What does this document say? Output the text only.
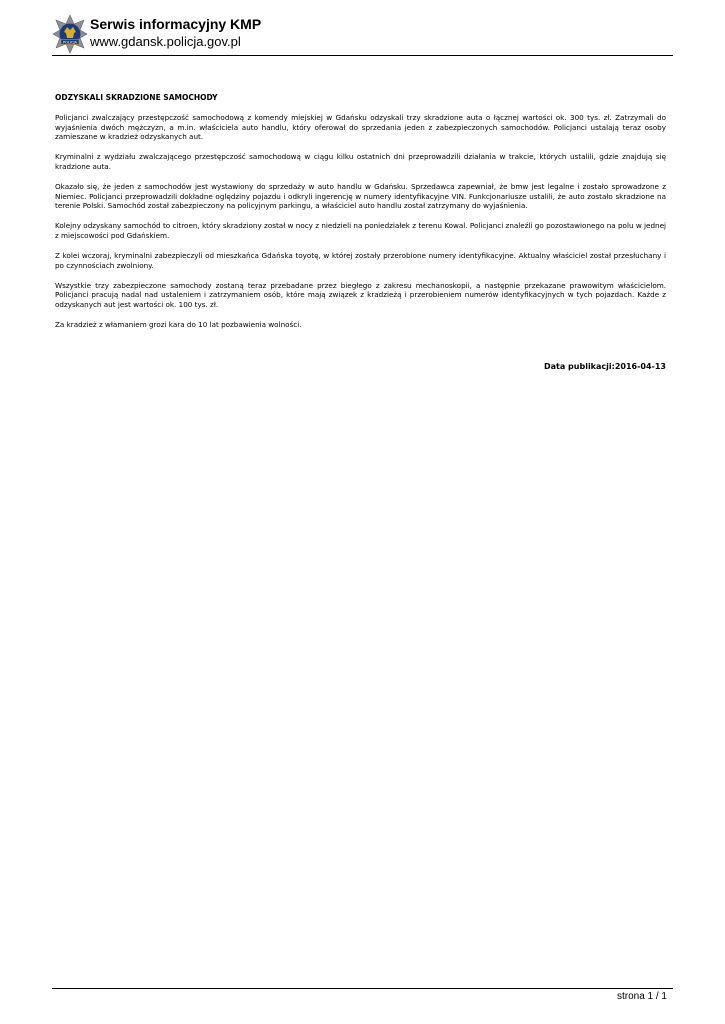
POLICJA
Serwis informacyjny KMP
www.gdansk.policja.gov.pl
ODZYSKALI SKRADZIONE SAMOCHODY

Policjanci zwalczający przestępczość samochodową z komendy miejskiej w Gdańsku odzyskali trzy skradzione auta o łącznej wartości ok. 300 tys. zł. Zatrzymali do wyjaśnienia dwóch mężczyzn, a m.in. właściciela auto handlu, który oferował do sprzedania jeden z zabezpieczonych samochodów. Policjanci ustalają teraz osoby zamieszane w kradzież odzyskanych aut.

Kryminalni z wydziału zwalczającego przestępczość samochodową w ciągu kilku ostatnich dni przeprowadzili działania w trakcie, których ustalili, gdzie znajdują się kradzione auta.

Okazało się, że jeden z samochodów jest wystawiony do sprzedaży w auto handlu w Gdańsku. Sprzedawca zapewniał, że bmw jest legalne i zostało sprowadzone z Niemiec. Policjanci przeprowadzili dokładne oględziny pojazdu i odkryli ingerencję w numery identyfikacyjne VIN. Funkcjonariusze ustalili, że auto zostało skradzione na terenie Polski. Samochód został zabezpieczony na policyjnym parkingu, a właściciel auto handlu został zatrzymany do wyjaśnienia.

Kolejny odzyskany samochód to citroen, który skradziony został w nocy z niedzieli na poniedziałek z terenu Kowal. Policjanci znaleźli go pozostawionego na polu w jednej z miejscowości pod Gdańskiem.

Z kolei wczoraj, kryminalni zabezpieczyli od mieszkańca Gdańska toyotę, w której zostały przerobione numery identyfikacyjne. Aktualny właściciel został przesłuchany i po czynnościach zwolniony.

Wszystkie trzy zabezpieczone samochody zostaną teraz przebadane przez biegłego z zakresu mechanoskopii, a następnie przekazane prawowitym właścicielom. Policjanci pracują nadal nad ustaleniem i zatrzymaniem osób, które mają związek z kradzieżą i przerobieniem numerów identyfikacyjnych w tych pojazdach. Każde z odzyskanych aut jest wartości ok. 100 tys. zł.

Za kradzież z włamaniem grozi kara do 10 lat pozbawienia wolności.

Data publikacji:2016-04-13
strona 1 / 1
